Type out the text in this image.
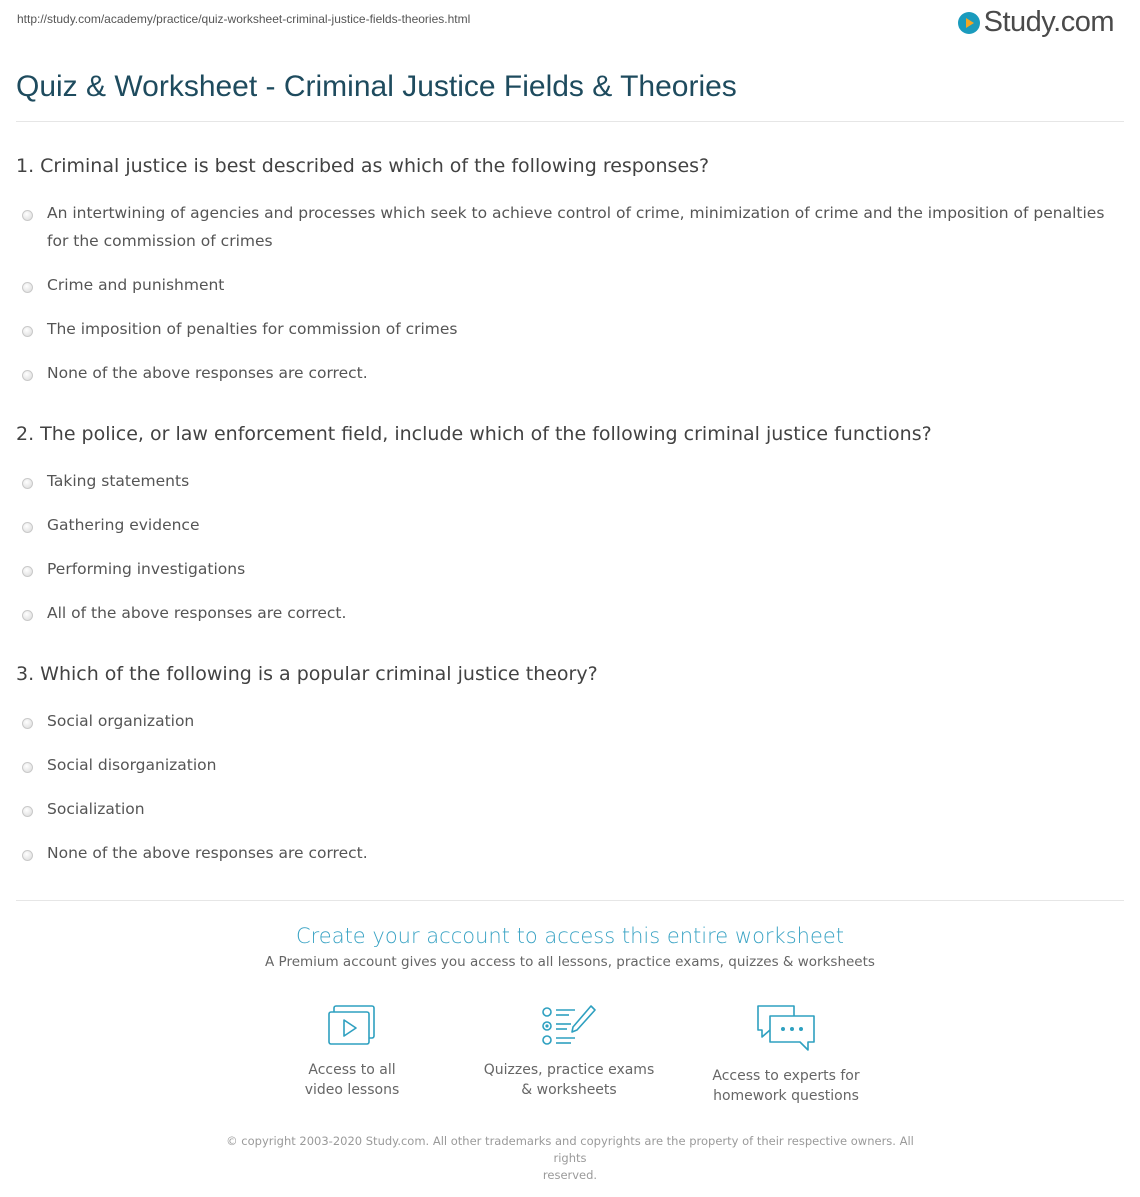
http://study.com/academy/practice/quiz-worksheet-criminal-justice-fields-theories.html	Study.com
Quiz & Worksheet - Criminal Justice Fields & Theories
1. Criminal justice is best described as which of the following responses?
An intertwining of agencies and processes which seek to achieve control of crime, minimization of crime and the imposition of penalties for the commission of crimes
Crime and punishment
The imposition of penalties for commission of crimes
None of the above responses are correct.
2. The police, or law enforcement field, include which of the following criminal justice functions?
Taking statements
Gathering evidence
Performing investigations
All of the above responses are correct.
3. Which of the following is a popular criminal justice theory?
Social organization
Social disorganization
Socialization
None of the above responses are correct.
Create your account to access this entire worksheet
A Premium account gives you access to all lessons, practice exams, quizzes & worksheets
Access to all
video lessons
Quizzes, practice exams
& worksheets
Access to experts for
homework questions
© copyright 2003-2020 Study.com. All other trademarks and copyrights are the property of their respective owners. All rights
reserved.
